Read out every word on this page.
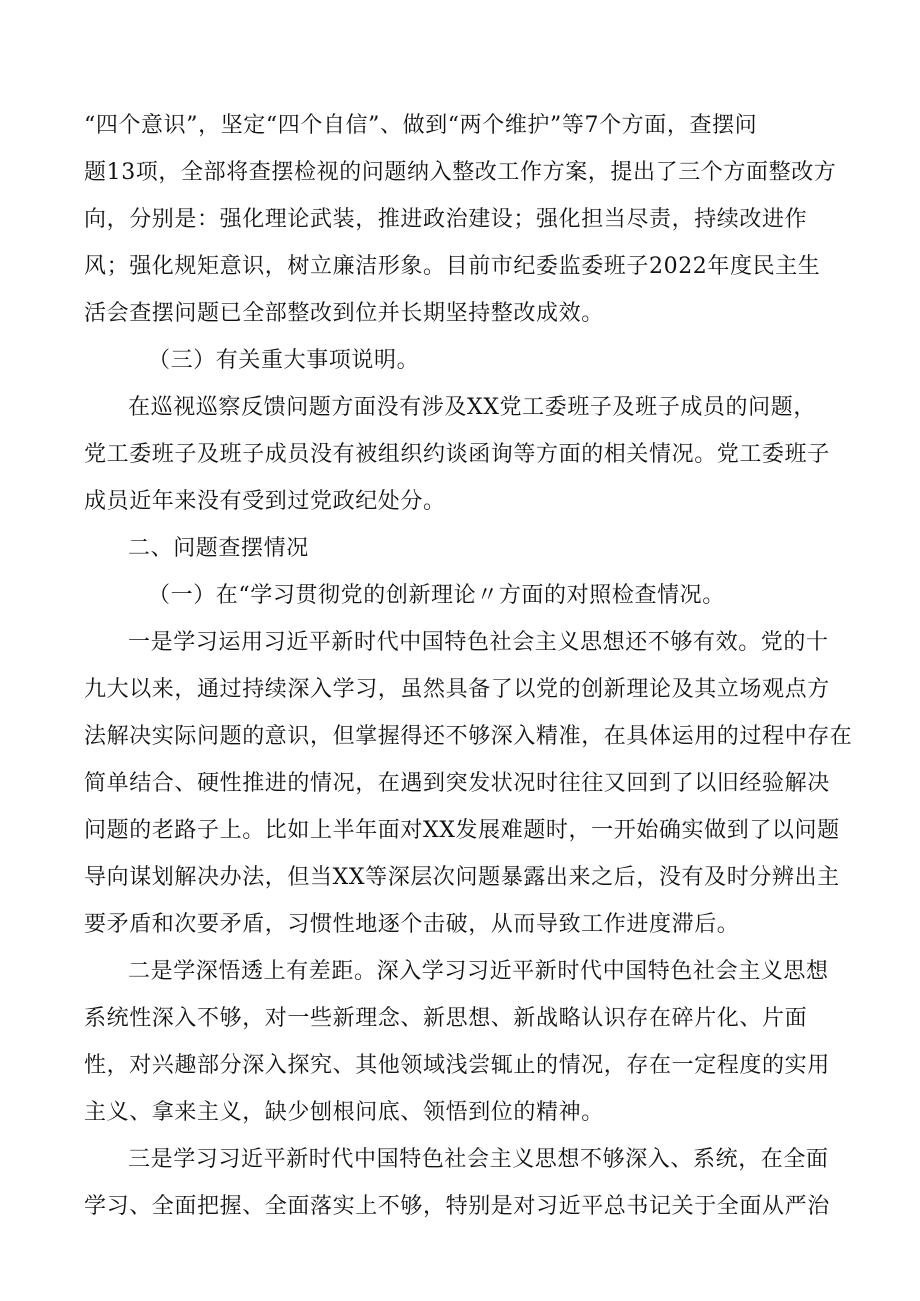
“四个意识”，坚定“四个自信”、做到“两个维护”等7个方面，查摆问
题13项，全部将查摆检视的问题纳入整改工作方案，提出了三个方面整改方
向，分别是：强化理论武装，推进政治建设；强化担当尽责，持续改进作
风；强化规矩意识，树立廉洁形象。目前市纪委监委班子2022年度民主生
活会查摆问题已全部整改到位并长期坚持整改成效。
（三）有关重大事项说明。
在巡视巡察反馈问题方面没有涉及XX党工委班子及班子成员的问题，
党工委班子及班子成员没有被组织约谈函询等方面的相关情况。党工委班子
成员近年来没有受到过党政纪处分。
二、问题查摆情况
（一）在“学习贯彻党的创新理论〃方面的对照检查情况。
一是学习运用习近平新时代中国特色社会主义思想还不够有效。党的十
九大以来，通过持续深入学习，虽然具备了以党的创新理论及其立场观点方
法解决实际问题的意识，但掌握得还不够深入精准，在具体运用的过程中存在
简单结合、硬性推进的情况，在遇到突发状况时往往又回到了以旧经验解决
问题的老路子上。比如上半年面对XX发展难题时，一开始确实做到了以问题
导向谋划解决办法，但当XX等深层次问题暴露出来之后，没有及时分辨出主
要矛盾和次要矛盾，习惯性地逐个击破，从而导致工作进度滞后。
二是学深悟透上有差距。深入学习习近平新时代中国特色社会主义思想
系统性深入不够，对一些新理念、新思想、新战略认识存在碎片化、片面
性，对兴趣部分深入探究、其他领域浅尝辄止的情况，存在一定程度的实用
主义、拿来主义，缺少刨根问底、领悟到位的精神。
三是学习习近平新时代中国特色社会主义思想不够深入、系统，在全面
学习、全面把握、全面落实上不够，特别是对习近平总书记关于全面从严治
